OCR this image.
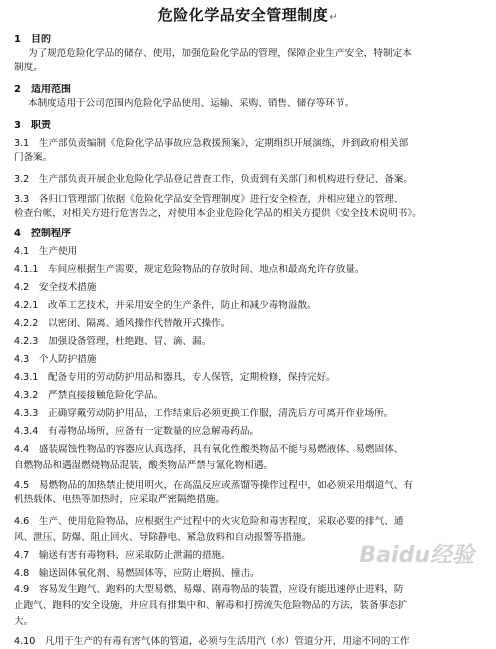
危险化学品安全管理制度↵
1　目的
为了规范危险化学品的储存、使用，加强危险化学品的管理，保障企业生产安全，特制定本
制度。
2　适用范围
本制度适用于公司范围内危险化学品使用、运输、采购、销售、储存等环节。
3　职责
3.1　生产部负责编制《危险化学品事故应急救援预案》，定期组织开展演练，并到政府相关部
门备案。
3.2　生产部负责开展企业危险化学品登记普查工作，负责到有关部门和机构进行登记、备案。
3.3　各归口管理部门依据《危险化学品安全管理制度》进行安全检查，并相应建立的管理、
检查台帐，对相关方进行危害告之，对使用本企业危险化学品的相关方提供《安全技术说明书》。
4　控制程序
4.1　生产使用
4.1.1　车间应根据生产需要，规定危险物品的存放时间、地点和最高允许存放量。
4.2　安全技术措施
4.2.1　改革工艺技术，并采用安全的生产条件，防止和减少毒物溢散。
4.2.2　以密闭、隔离、通风操作代替敞开式操作。
4.2.3　加强设备管理，杜绝跑、冒、滴、漏。
4.3　个人防护措施
4.3.1　配备专用的劳动防护用品和器具，专人保管，定期检修，保持完好。
4.3.2　严禁直接接触危险化学品。
4.3.3　正确穿戴劳动防护用品，工作结束后必须更换工作服，清洗后方可离开作业场所。
4.3.4　有毒物品场所，应备有一定数量的应急解毒药品。
4.4　盛装腐蚀性物品的容器应认真选择，具有氧化性酸类物品不能与易燃液体、易燃固体、
自燃物品和遇湿燃烧物品混装，酸类物品严禁与氰化物相遇。
4.5　易燃物品的加热禁止使用明火，在高温反应或蒸馏等操作过程中，如必须采用烟道气、有
机热载体、电热等加热时，应采取严密隔绝措施。
4.6　生产、使用危险物品，应根据生产过程中的火灾危险和毒害程度，采取必要的排气、通
风、泄压、防爆、阻止回火、导除静电、紧急放料和自动报警等措施。
4.7　输送有害有毒物料，应采取防止泄漏的措施。
4.8　输送固体氧化剂、易燃固体等，应防止磨损、撞击。
4.9　容易发生跑气、跑料的大型易燃、易爆、剧毒物品的装置，应设有能迅速停止进料，防
止跑气、跑料的安全设施，并应具有排集中和、解毒和打捞流失危险物品的方法，装备事态扩
大。
4.10　凡用于生产的有毒有害气体的管道，必须与生活用汽（水）管道分开，用途不同的工作
Baidu经验
